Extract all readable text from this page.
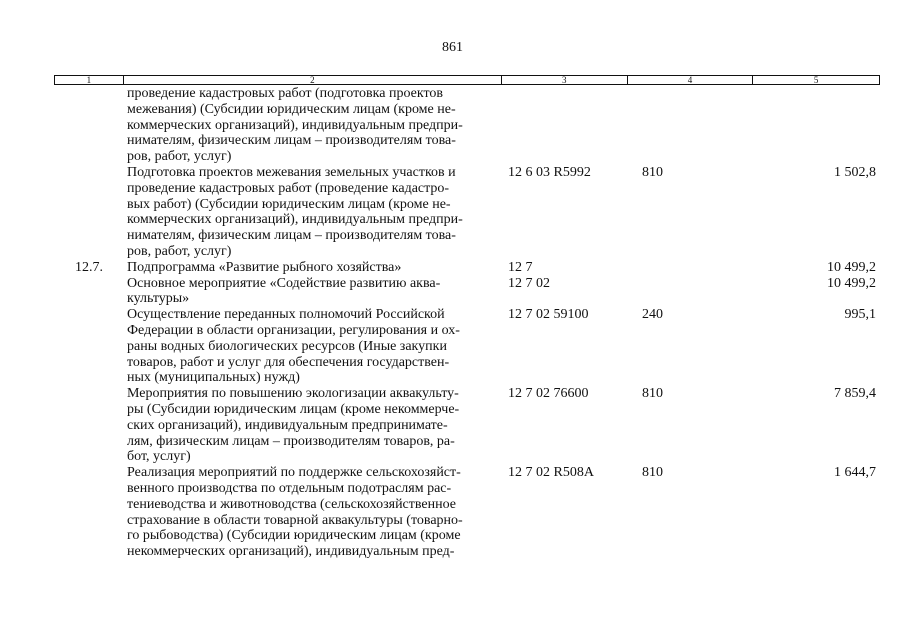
861
1	2	3	4	5
проведение кадастровых работ (подготовка проектов
межевания) (Субсидии юридическим лицам (кроме не-
коммерческих организаций), индивидуальным предпри-
нимателям, физическим лицам – производителям това-
ров, работ, услуг)
Подготовка проектов межевания земельных участков и
проведение кадастровых работ (проведение кадастро-
вых работ) (Субсидии юридическим лицам (кроме не-
коммерческих организаций), индивидуальным предпри-
нимателям, физическим лицам – производителям това-
ров, работ, услуг)
12 6 03 R5992	810	1 502,8
12.7.	Подпрограмма «Развитие рыбного хозяйства»	12 7	10 499,2
Основное мероприятие «Содействие развитию аква-
культуры»
12 7 02	10 499,2
Осуществление переданных полномочий Российской
Федерации в области организации, регулирования и ох-
раны водных биологических ресурсов (Иные закупки
товаров, работ и услуг для обеспечения государствен-
ных (муниципальных) нужд)
12 7 02 59100	240	995,1
Мероприятия по повышению экологизации аквакульту-
ры (Субсидии юридическим лицам (кроме некоммерче-
ских организаций), индивидуальным предпринимате-
лям, физическим лицам – производителям товаров, ра-
бот, услуг)
12 7 02 76600	810	7 859,4
Реализация мероприятий по поддержке сельскохозяйст-
венного производства по отдельным подотраслям рас-
тениеводства и животноводства (сельскохозяйственное
страхование в области товарной аквакультуры (товарно-
го рыбоводства) (Субсидии юридическим лицам (кроме
некоммерческих организаций), индивидуальным пред-
12 7 02 R508A	810	1 644,7
